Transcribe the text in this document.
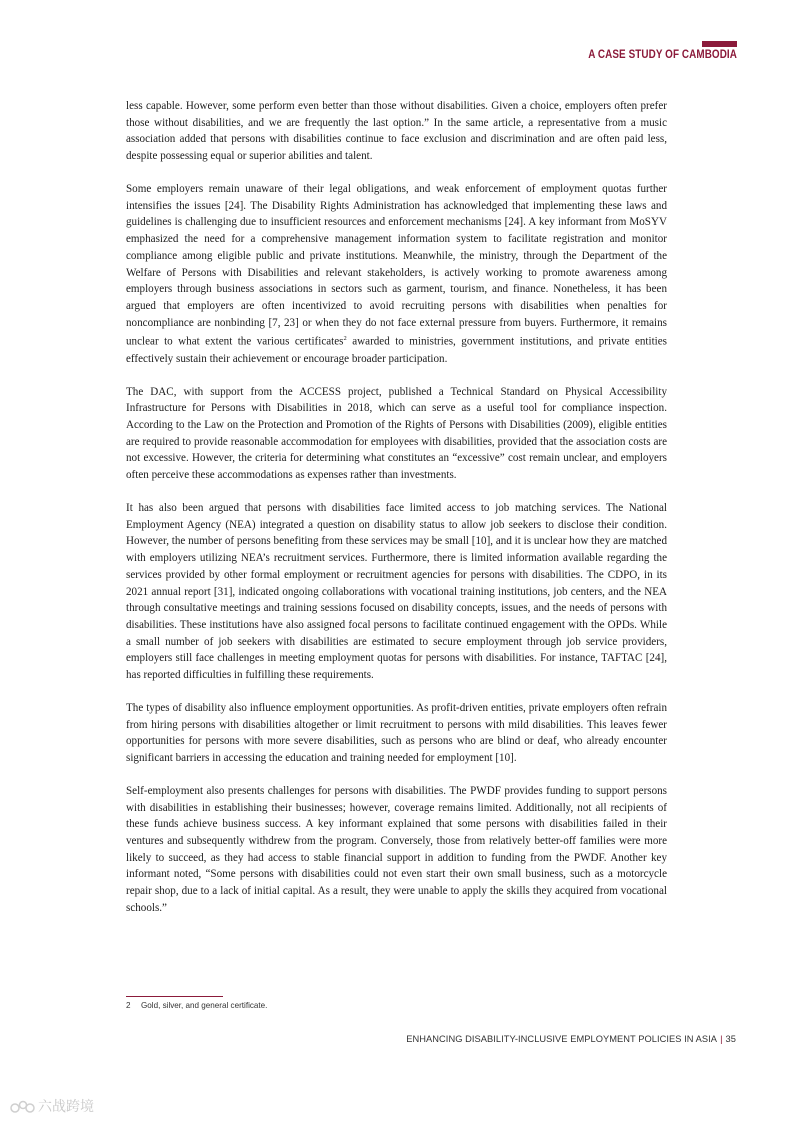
A CASE STUDY OF CAMBODIA

less capable. However, some perform even better than those without disabilities. Given a choice, employers often prefer those without disabilities, and we are frequently the last option.” In the same article, a representative from a music association added that persons with disabilities continue to face exclusion and discrimination and are often paid less, despite possessing equal or superior abilities and talent.

Some employers remain unaware of their legal obligations, and weak enforcement of employment quotas further intensifies the issues [24]. The Disability Rights Administration has acknowledged that implementing these laws and guidelines is challenging due to insufficient resources and enforcement mechanisms [24]. A key informant from MoSYV emphasized the need for a comprehensive management information system to facilitate registration and monitor compliance among eligible public and private institutions. Meanwhile, the ministry, through the Department of the Welfare of Persons with Disabilities and relevant stakeholders, is actively working to promote awareness among employers through business associations in sectors such as garment, tourism, and finance. Nonetheless, it has been argued that employers are often incentivized to avoid recruiting persons with disabilities when penalties for noncompliance are nonbinding [7, 23] or when they do not face external pressure from buyers. Furthermore, it remains unclear to what extent the various certificates$^2$ awarded to ministries, government institutions, and private entities effectively sustain their achievement or encourage broader participation.

The DAC, with support from the ACCESS project, published a Technical Standard on Physical Accessibility Infrastructure for Persons with Disabilities in 2018, which can serve as a useful tool for compliance inspection. According to the Law on the Protection and Promotion of the Rights of Persons with Disabilities (2009), eligible entities are required to provide reasonable accommodation for employees with disabilities, provided that the association costs are not excessive. However, the criteria for determining what constitutes an “excessive” cost remain unclear, and employers often perceive these accommodations as expenses rather than investments.

It has also been argued that persons with disabilities face limited access to job matching services. The National Employment Agency (NEA) integrated a question on disability status to allow job seekers to disclose their condition. However, the number of persons benefiting from these services may be small [10], and it is unclear how they are matched with employers utilizing NEA’s recruitment services. Furthermore, there is limited information available regarding the services provided by other formal employment or recruitment agencies for persons with disabilities. The CDPO, in its 2021 annual report [31], indicated ongoing collaborations with vocational training institutions, job centers, and the NEA through consultative meetings and training sessions focused on disability concepts, issues, and the needs of persons with disabilities. These institutions have also assigned focal persons to facilitate continued engagement with the OPDs. While a small number of job seekers with disabilities are estimated to secure employment through job service providers, employers still face challenges in meeting employment quotas for persons with disabilities. For instance, TAFTAC [24], has reported difficulties in fulfilling these requirements.

The types of disability also influence employment opportunities. As profit-driven entities, private employers often refrain from hiring persons with disabilities altogether or limit recruitment to persons with mild disabilities. This leaves fewer opportunities for persons with more severe disabilities, such as persons who are blind or deaf, who already encounter significant barriers in accessing the education and training needed for employment [10].

Self-employment also presents challenges for persons with disabilities. The PWDF provides funding to support persons with disabilities in establishing their businesses; however, coverage remains limited. Additionally, not all recipients of these funds achieve business success. A key informant explained that some persons with disabilities failed in their ventures and subsequently withdrew from the program. Conversely, those from relatively better-off families were more likely to succeed, as they had access to stable financial support in addition to funding from the PWDF. Another key informant noted, “Some persons with disabilities could not even start their own small business, such as a motorcycle repair shop, due to a lack of initial capital. As a result, they were unable to apply the skills they acquired from vocational schools.”

2 Gold, silver, and general certificate.
ENHANCING DISABILITY-INCLUSIVE EMPLOYMENT POLICIES IN ASIA | 35
六战跨境
